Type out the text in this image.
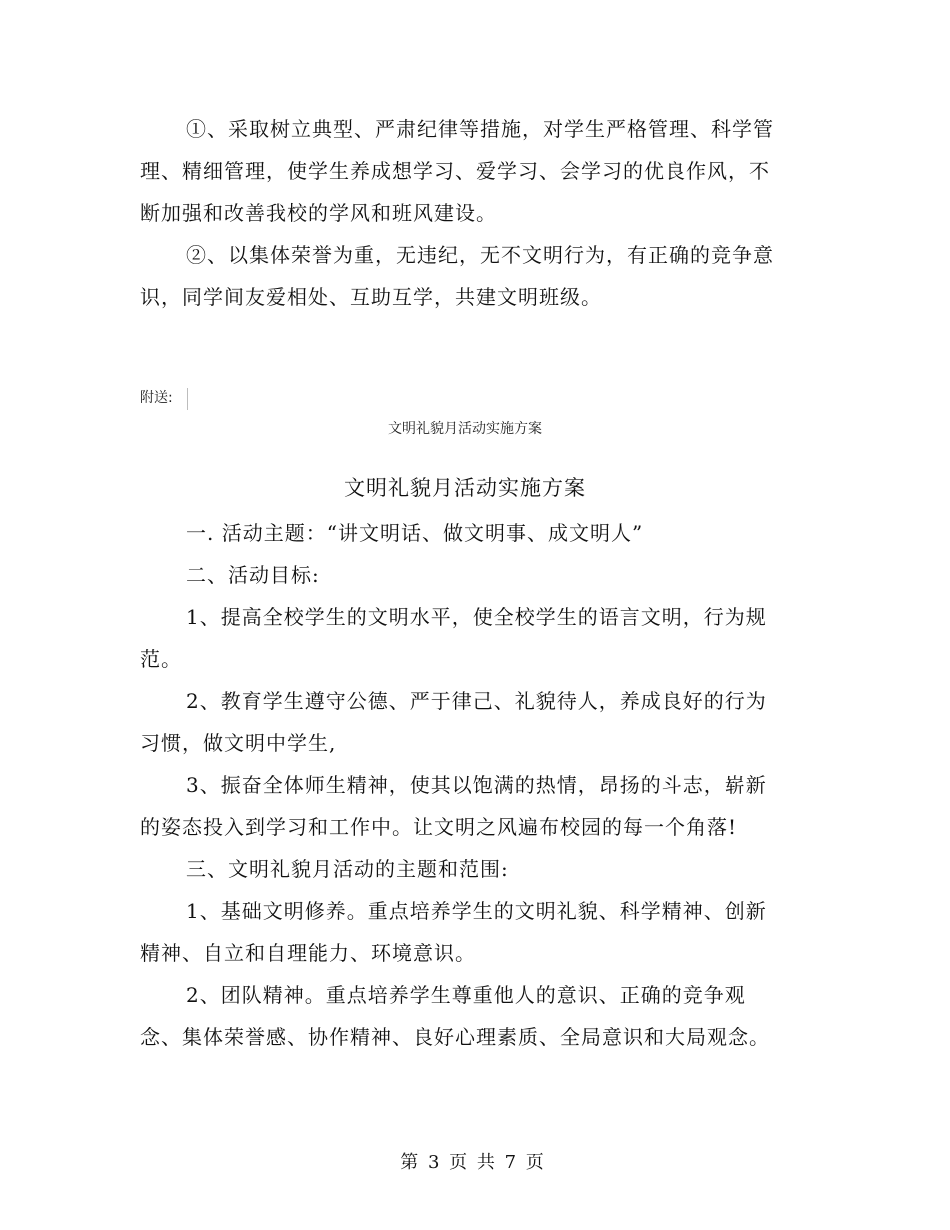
①、采取树立典型、严肃纪律等措施，对学生严格管理、科学管理、精细管理，使学生养成想学习、爱学习、会学习的优良作风，不断加强和改善我校的学风和班风建设。

②、以集体荣誉为重，无违纪，无不文明行为，有正确的竞争意识，同学间友爱相处、互助互学，共建文明班级。

附送:
文明礼貌月活动实施方案
文明礼貌月活动实施方案

一. 活动主题：“讲文明话、做文明事、成文明人”

二、活动目标:

1、提高全校学生的文明水平，使全校学生的语言文明，行为规范。

2、教育学生遵守公德、严于律己、礼貌待人，养成良好的行为习惯，做文明中学生,

3、振奋全体师生精神，使其以饱满的热情，昂扬的斗志，崭新的姿态投入到学习和工作中。让文明之风遍布校园的每一个角落!

三、文明礼貌月活动的主题和范围:

1、基础文明修养。重点培养学生的文明礼貌、科学精神、创新精神、自立和自理能力、环境意识。

2、团队精神。重点培养学生尊重他人的意识、正确的竞争观念、集体荣誉感、协作精神、良好心理素质、全局意识和大局观念。

第 3 页 共 7 页
